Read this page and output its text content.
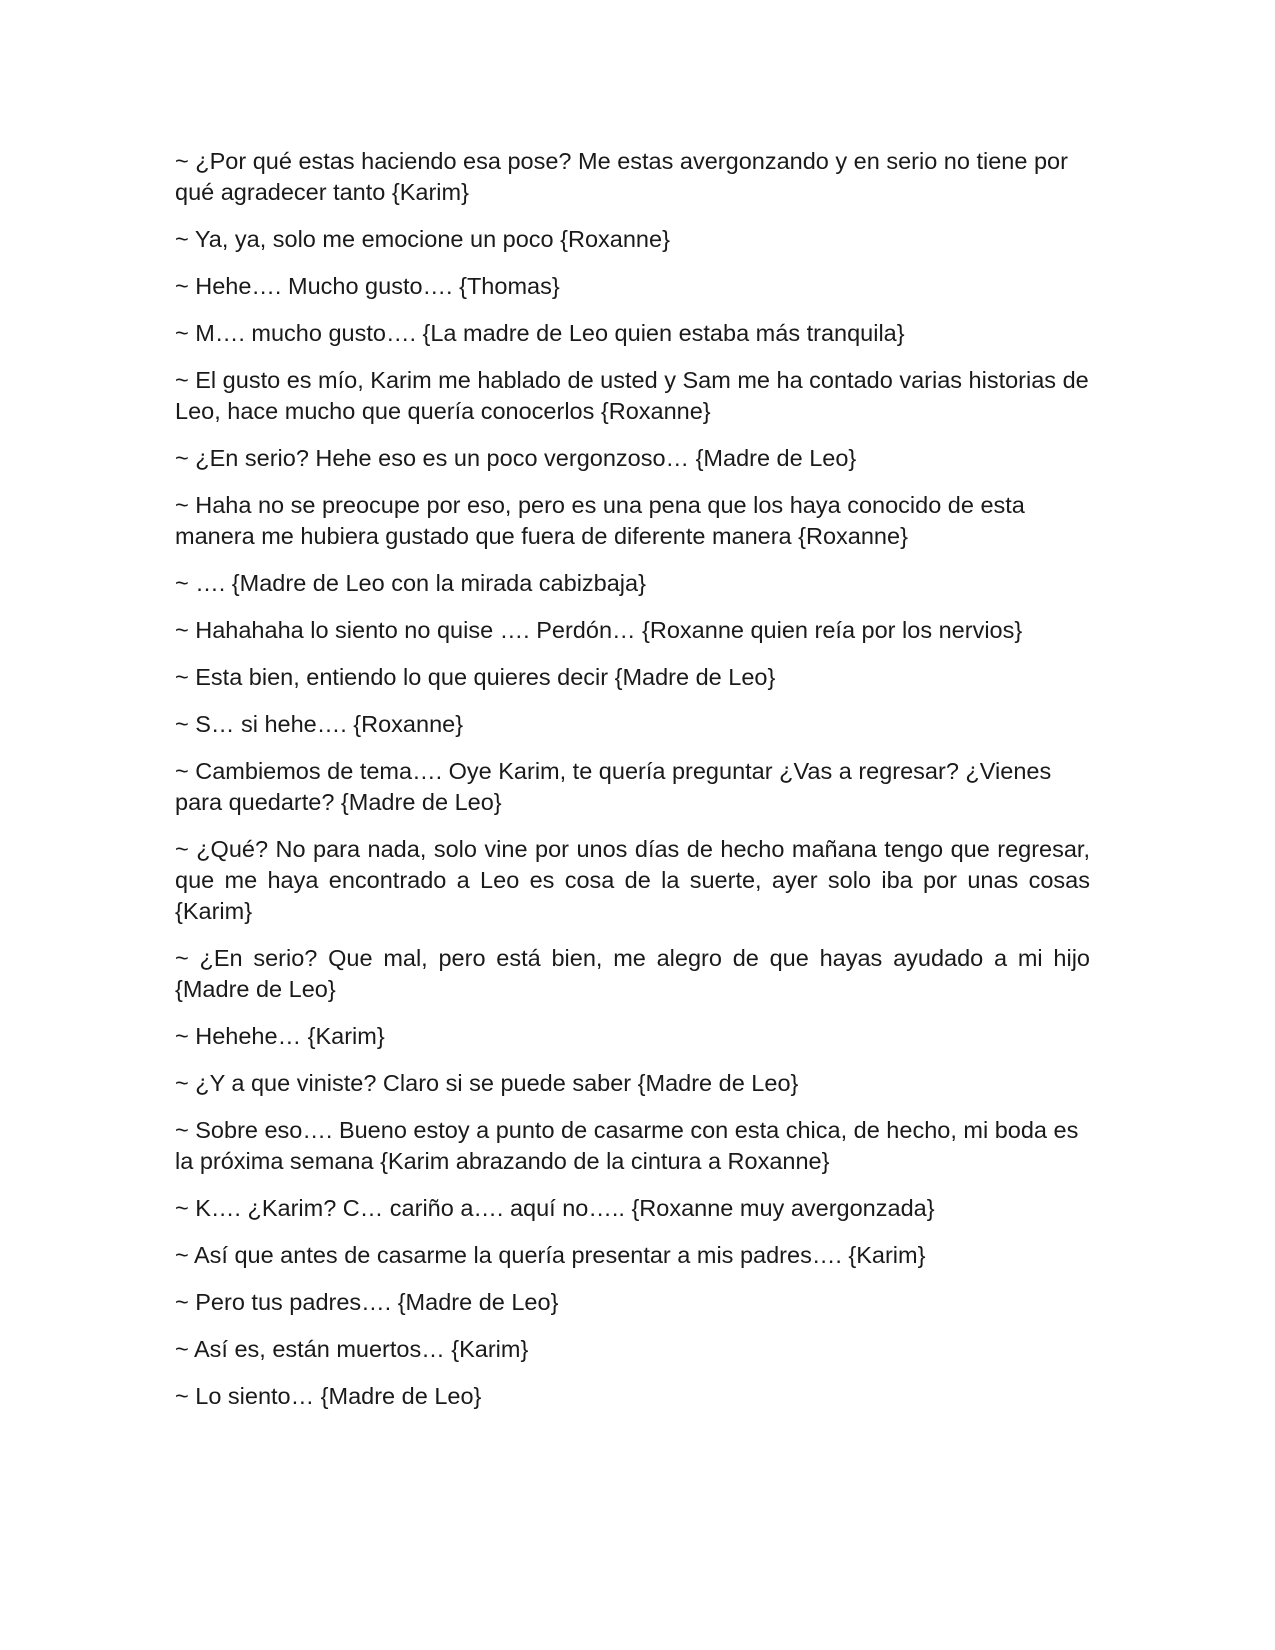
~ ¿Por qué estas haciendo esa pose? Me estas avergonzando y en serio no tiene por qué agradecer tanto {Karim}

~ Ya, ya, solo me emocione un poco {Roxanne}

~ Hehe…. Mucho gusto…. {Thomas}

~ M…. mucho gusto…. {La madre de Leo quien estaba más tranquila}

~ El gusto es mío, Karim me hablado de usted y Sam me ha contado varias historias de Leo, hace mucho que quería conocerlos {Roxanne}

~ ¿En serio? Hehe eso es un poco vergonzoso… {Madre de Leo}

~ Haha no se preocupe por eso, pero es una pena que los haya conocido de esta manera me hubiera gustado que fuera de diferente manera {Roxanne}

~ …. {Madre de Leo con la mirada cabizbaja}

~ Hahahaha lo siento no quise …. Perdón… {Roxanne quien reía por los nervios}

~ Esta bien, entiendo lo que quieres decir {Madre de Leo}

~ S… si hehe…. {Roxanne}

~ Cambiemos de tema…. Oye Karim, te quería preguntar ¿Vas a regresar? ¿Vienes para quedarte? {Madre de Leo}

~ ¿Qué? No para nada, solo vine por unos días de hecho mañana tengo que regresar, que me haya encontrado a Leo es cosa de la suerte, ayer solo iba por unas cosas {Karim}

~ ¿En serio? Que mal, pero está bien, me alegro de que hayas ayudado a mi hijo {Madre de Leo}

~ Hehehe… {Karim}

~ ¿Y a que viniste? Claro si se puede saber {Madre de Leo}

~ Sobre eso…. Bueno estoy a punto de casarme con esta chica, de hecho, mi boda es la próxima semana {Karim abrazando de la cintura a Roxanne}

~ K…. ¿Karim? C… cariño a…. aquí no….. {Roxanne muy avergonzada}

~ Así que antes de casarme la quería presentar a mis padres…. {Karim}

~ Pero tus padres…. {Madre de Leo}

~ Así es, están muertos… {Karim}

~ Lo siento… {Madre de Leo}
